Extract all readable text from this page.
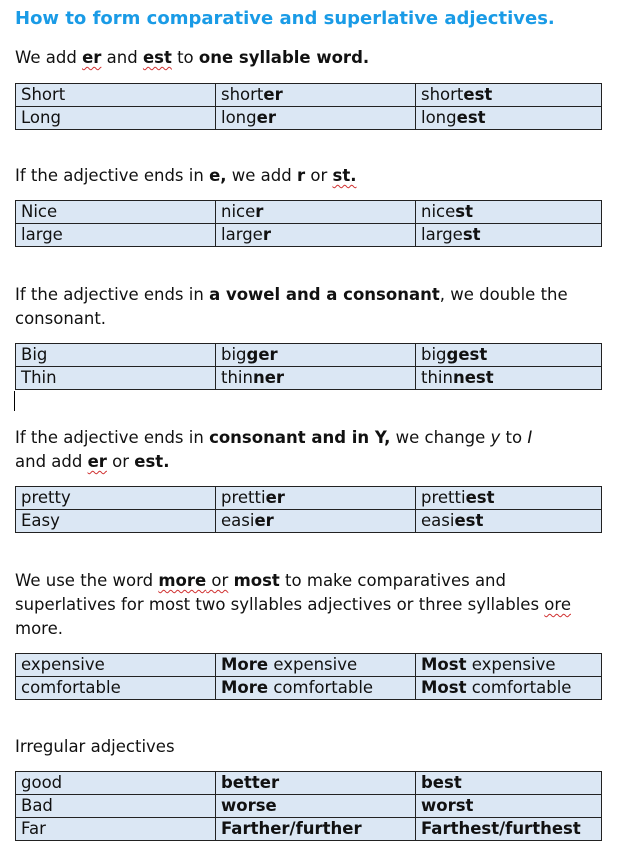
How to form comparative and superlative adjectives.
We add er and est to one syllable word.
Short	shorter	shortest
Long	longer	longest
If the adjective ends in e, we add r or st.
Nice	nicer	nicest
large	larger	largest
If the adjective ends in a vowel and a consonant, we double the
consonant.
Big	bigger	biggest
Thin	thinner	thinnest
If the adjective ends in consonant and in Y, we change y to I
and add er or est.
pretty	prettier	prettiest
Easy	easier	easiest
We use the word more or most to make comparatives and
superlatives for most two syllables adjectives or three syllables ore
more.
expensive	More expensive	Most expensive
comfortable	More comfortable	Most comfortable
Irregular adjectives
good	better	best
Bad	worse	worst
Far	Farther/further	Farthest/furthest
